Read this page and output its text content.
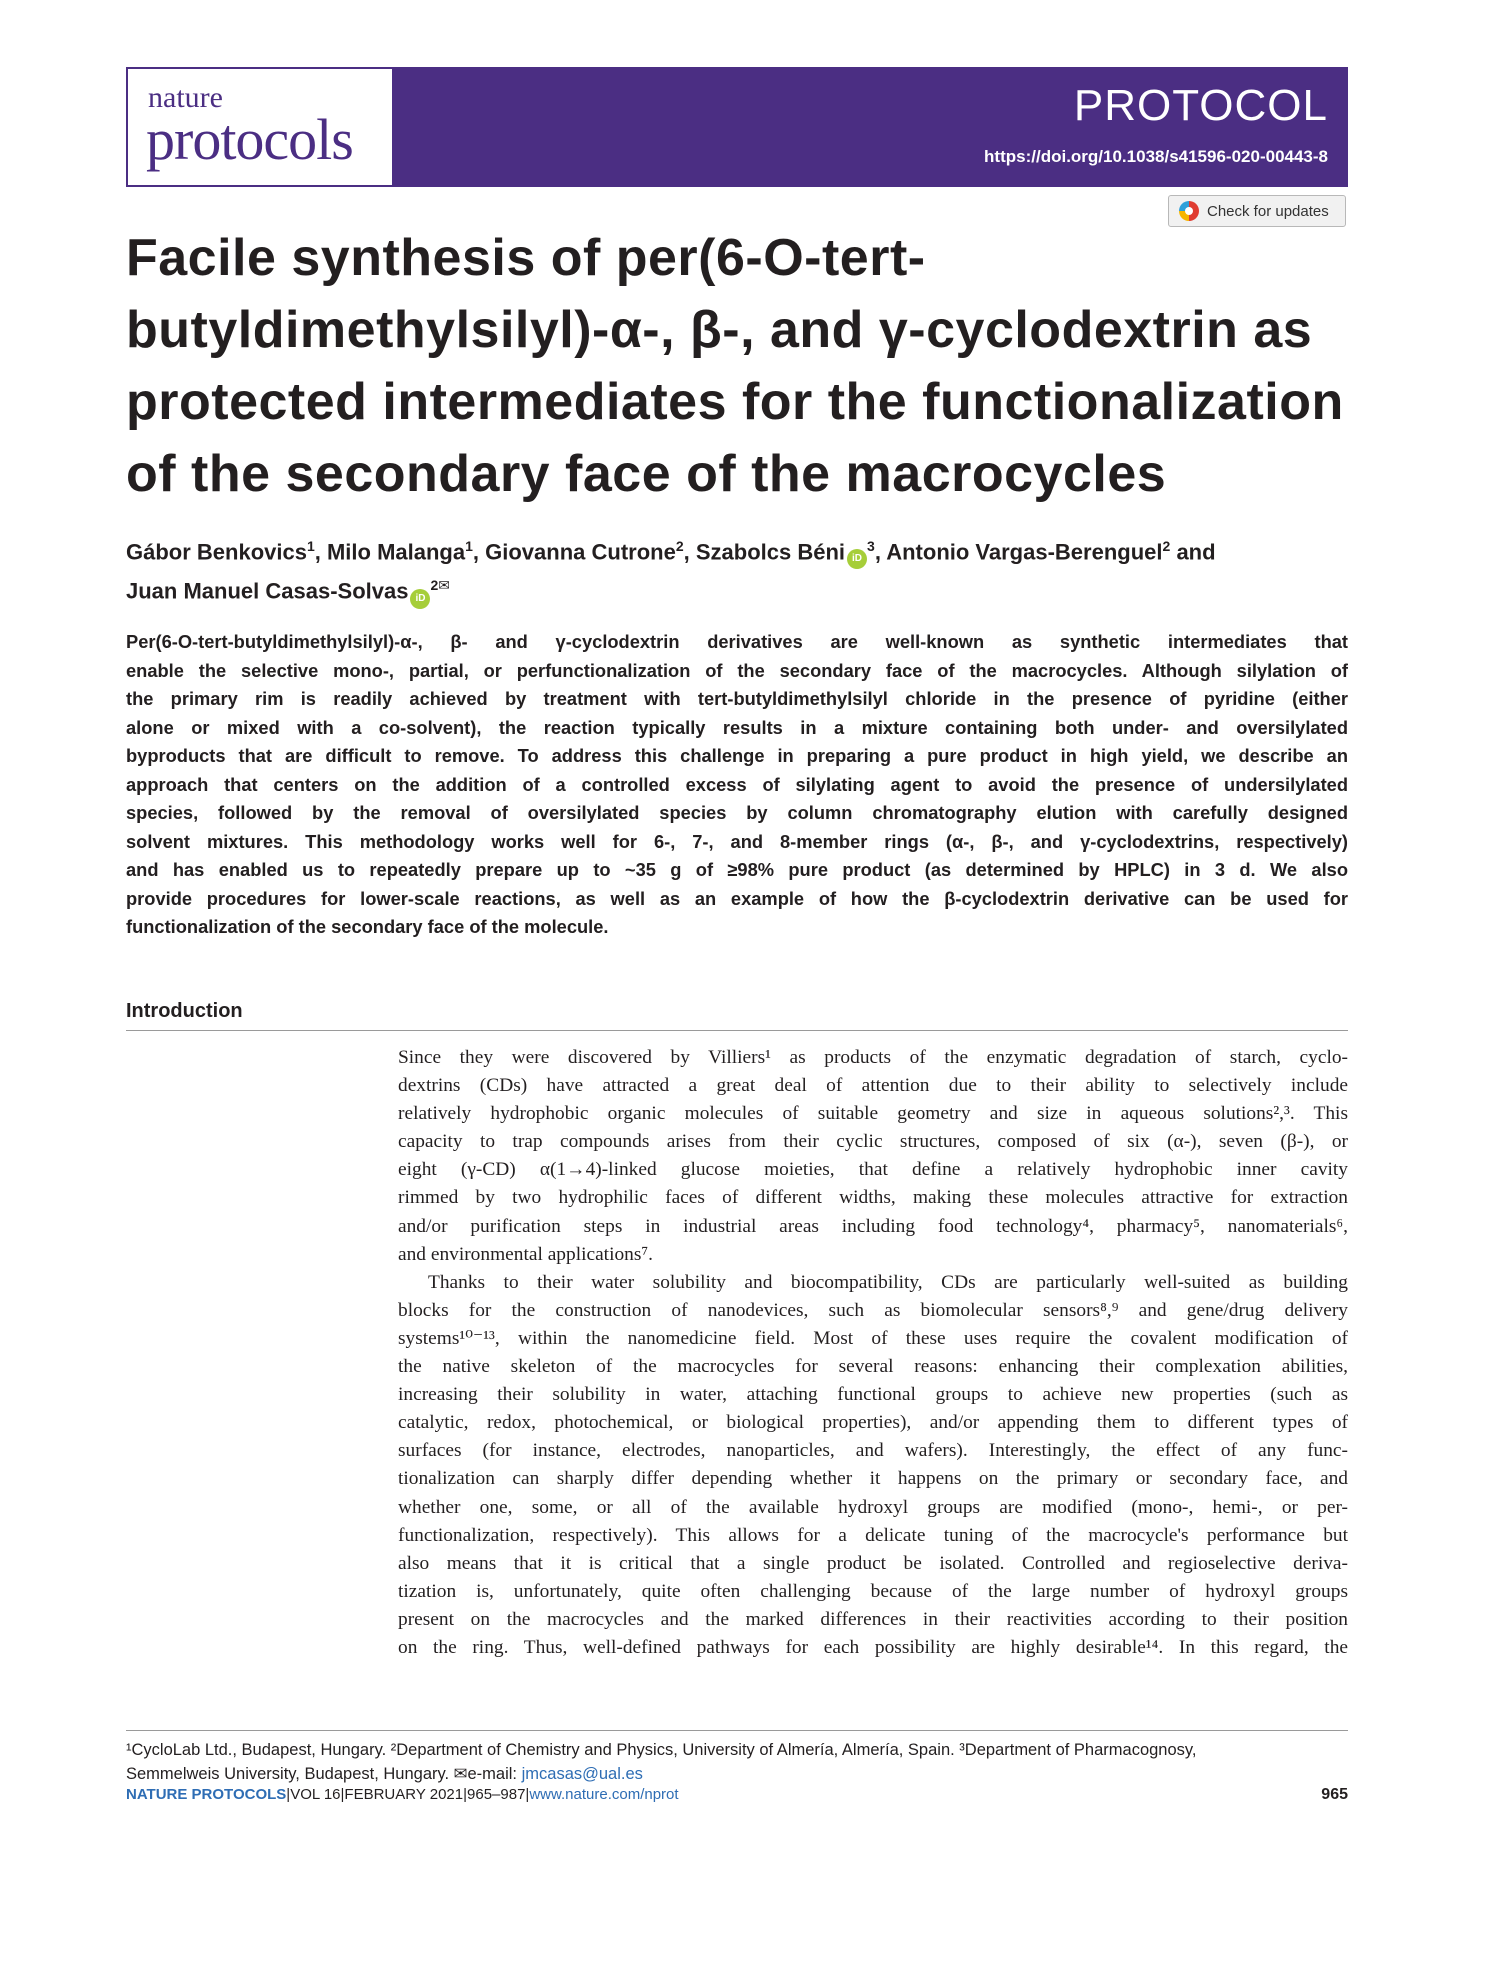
PROTOCOL
https://doi.org/10.1038/s41596-020-00443-8
nature
protocols
Check for updates
Facile synthesis of per(6-O-tert-
butyldimethylsilyl)-α-, β-, and γ-cyclodextrin as
protected intermediates for the functionalization
of the secondary face of the macrocycles
Gábor Benkovics$^1$, Milo Malanga$^1$, Giovanna Cutrone$^2$, Szabolcs Béni $iD^3$, Antonio Vargas-Berenguel$^2$ and
Juan Manuel Casas-Solvas $iD^{2✉}$
Per(6-O-tert-butyldimethylsilyl)-α-, β- and γ-cyclodextrin derivatives are well-known as synthetic intermediates that
enable the selective mono-, partial, or perfunctionalization of the secondary face of the macrocycles. Although silylation of
the primary rim is readily achieved by treatment with tert-butyldimethylsilyl chloride in the presence of pyridine (either
alone or mixed with a co-solvent), the reaction typically results in a mixture containing both under- and oversilylated
byproducts that are difficult to remove. To address this challenge in preparing a pure product in high yield, we describe an
approach that centers on the addition of a controlled excess of silylating agent to avoid the presence of undersilylated
species, followed by the removal of oversilylated species by column chromatography elution with carefully designed
solvent mixtures. This methodology works well for 6-, 7-, and 8-member rings (α-, β-, and γ-cyclodextrins, respectively)
and has enabled us to repeatedly prepare up to ~35 g of ≥98% pure product (as determined by HPLC) in 3 d. We also
provide procedures for lower-scale reactions, as well as an example of how the β-cyclodextrin derivative can be used for
functionalization of the secondary face of the molecule.
Introduction
Since they were discovered by Villiers¹ as products of the enzymatic degradation of starch, cyclo-
dextrins (CDs) have attracted a great deal of attention due to their ability to selectively include
relatively hydrophobic organic molecules of suitable geometry and size in aqueous solutions²,³. This
capacity to trap compounds arises from their cyclic structures, composed of six (α-), seven (β-), or
eight (γ-CD) α(1→4)-linked glucose moieties, that define a relatively hydrophobic inner cavity
rimmed by two hydrophilic faces of different widths, making these molecules attractive for extraction
and/or purification steps in industrial areas including food technology⁴, pharmacy⁵, nanomaterials⁶,
and environmental applications⁷.
Thanks to their water solubility and biocompatibility, CDs are particularly well-suited as building
blocks for the construction of nanodevices, such as biomolecular sensors⁸,⁹ and gene/drug delivery
systems¹⁰⁻¹³, within the nanomedicine field. Most of these uses require the covalent modification of
the native skeleton of the macrocycles for several reasons: enhancing their complexation abilities,
increasing their solubility in water, attaching functional groups to achieve new properties (such as
catalytic, redox, photochemical, or biological properties), and/or appending them to different types of
surfaces (for instance, electrodes, nanoparticles, and wafers). Interestingly, the effect of any func-
tionalization can sharply differ depending whether it happens on the primary or secondary face, and
whether one, some, or all of the available hydroxyl groups are modified (mono-, hemi-, or per-
functionalization, respectively). This allows for a delicate tuning of the macrocycle's performance but
also means that it is critical that a single product be isolated. Controlled and regioselective deriva-
tization is, unfortunately, quite often challenging because of the large number of hydroxyl groups
present on the macrocycles and the marked differences in their reactivities according to their position
on the ring. Thus, well-defined pathways for each possibility are highly desirable¹⁴. In this regard, the
¹CycloLab Ltd., Budapest, Hungary. ²Department of Chemistry and Physics, University of Almería, Almería, Spain. ³Department of Pharmacognosy,
Semmelweis University, Budapest, Hungary. ✉e-mail: jmcasas@ual.es
NATURE PROTOCOLS|VOL 16|FEBRUARY 2021|965–987|www.nature.com/nprot	965
